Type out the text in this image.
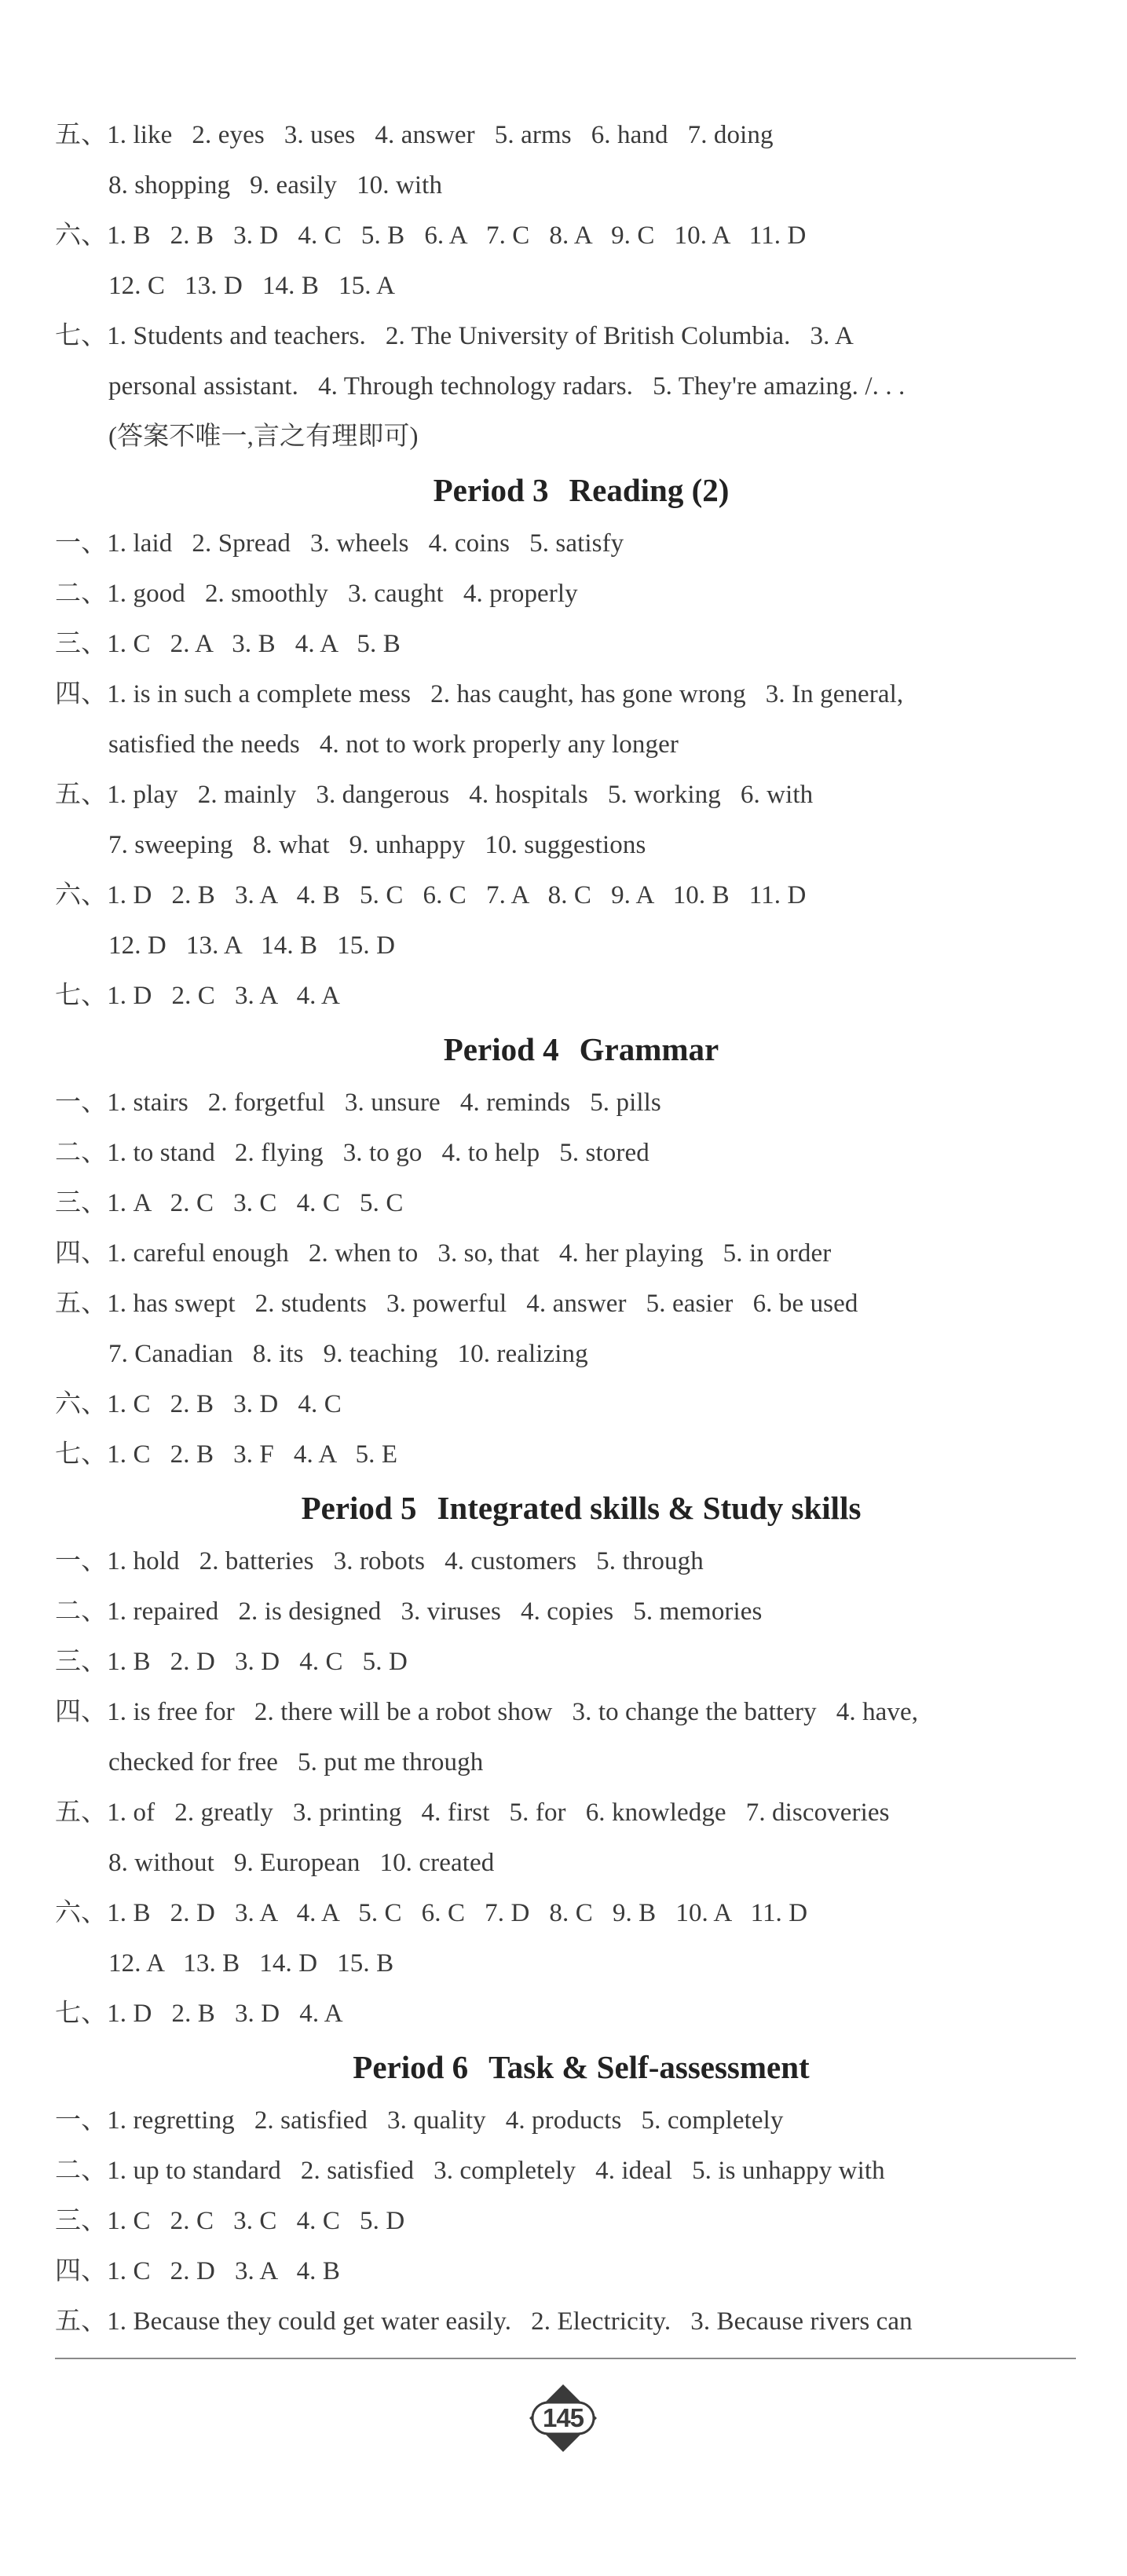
五、1. like   2. eyes   3. uses   4. answer   5. arms   6. hand   7. doing
8. shopping   9. easily   10. with
六、1. B   2. B   3. D   4. C   5. B   6. A   7. C   8. A   9. C   10. A   11. D
12. C   13. D   14. B   15. A
七、1. Students and teachers.   2. The University of British Columbia.   3. A
personal assistant.   4. Through technology radars.   5. They're amazing. /. . .
(答案不唯一,言之有理即可)
Period 3 Reading (2)
一、1. laid   2. Spread   3. wheels   4. coins   5. satisfy
二、1. good   2. smoothly   3. caught   4. properly
三、1. C   2. A   3. B   4. A   5. B
四、1. is in such a complete mess   2. has caught, has gone wrong   3. In general,
satisfied the needs   4. not to work properly any longer
五、1. play   2. mainly   3. dangerous   4. hospitals   5. working   6. with
7. sweeping   8. what   9. unhappy   10. suggestions
六、1. D   2. B   3. A   4. B   5. C   6. C   7. A   8. C   9. A   10. B   11. D
12. D   13. A   14. B   15. D
七、1. D   2. C   3. A   4. A
Period 4 Grammar
一、1. stairs   2. forgetful   3. unsure   4. reminds   5. pills
二、1. to stand   2. flying   3. to go   4. to help   5. stored
三、1. A   2. C   3. C   4. C   5. C
四、1. careful enough   2. when to   3. so, that   4. her playing   5. in order
五、1. has swept   2. students   3. powerful   4. answer   5. easier   6. be used
7. Canadian   8. its   9. teaching   10. realizing
六、1. C   2. B   3. D   4. C
七、1. C   2. B   3. F   4. A   5. E
Period 5 Integrated skills & Study skills
一、1. hold   2. batteries   3. robots   4. customers   5. through
二、1. repaired   2. is designed   3. viruses   4. copies   5. memories
三、1. B   2. D   3. D   4. C   5. D
四、1. is free for   2. there will be a robot show   3. to change the battery   4. have,
checked for free   5. put me through
五、1. of   2. greatly   3. printing   4. first   5. for   6. knowledge   7. discoveries
8. without   9. European   10. created
六、1. B   2. D   3. A   4. A   5. C   6. C   7. D   8. C   9. B   10. A   11. D
12. A   13. B   14. D   15. B
七、1. D   2. B   3. D   4. A
Period 6 Task & Self-assessment
一、1. regretting   2. satisfied   3. quality   4. products   5. completely
二、1. up to standard   2. satisfied   3. completely   4. ideal   5. is unhappy with
三、1. C   2. C   3. C   4. C   5. D
四、1. C   2. D   3. A   4. B
五、1. Because they could get water easily.   2. Electricity.   3. Because rivers can
145
